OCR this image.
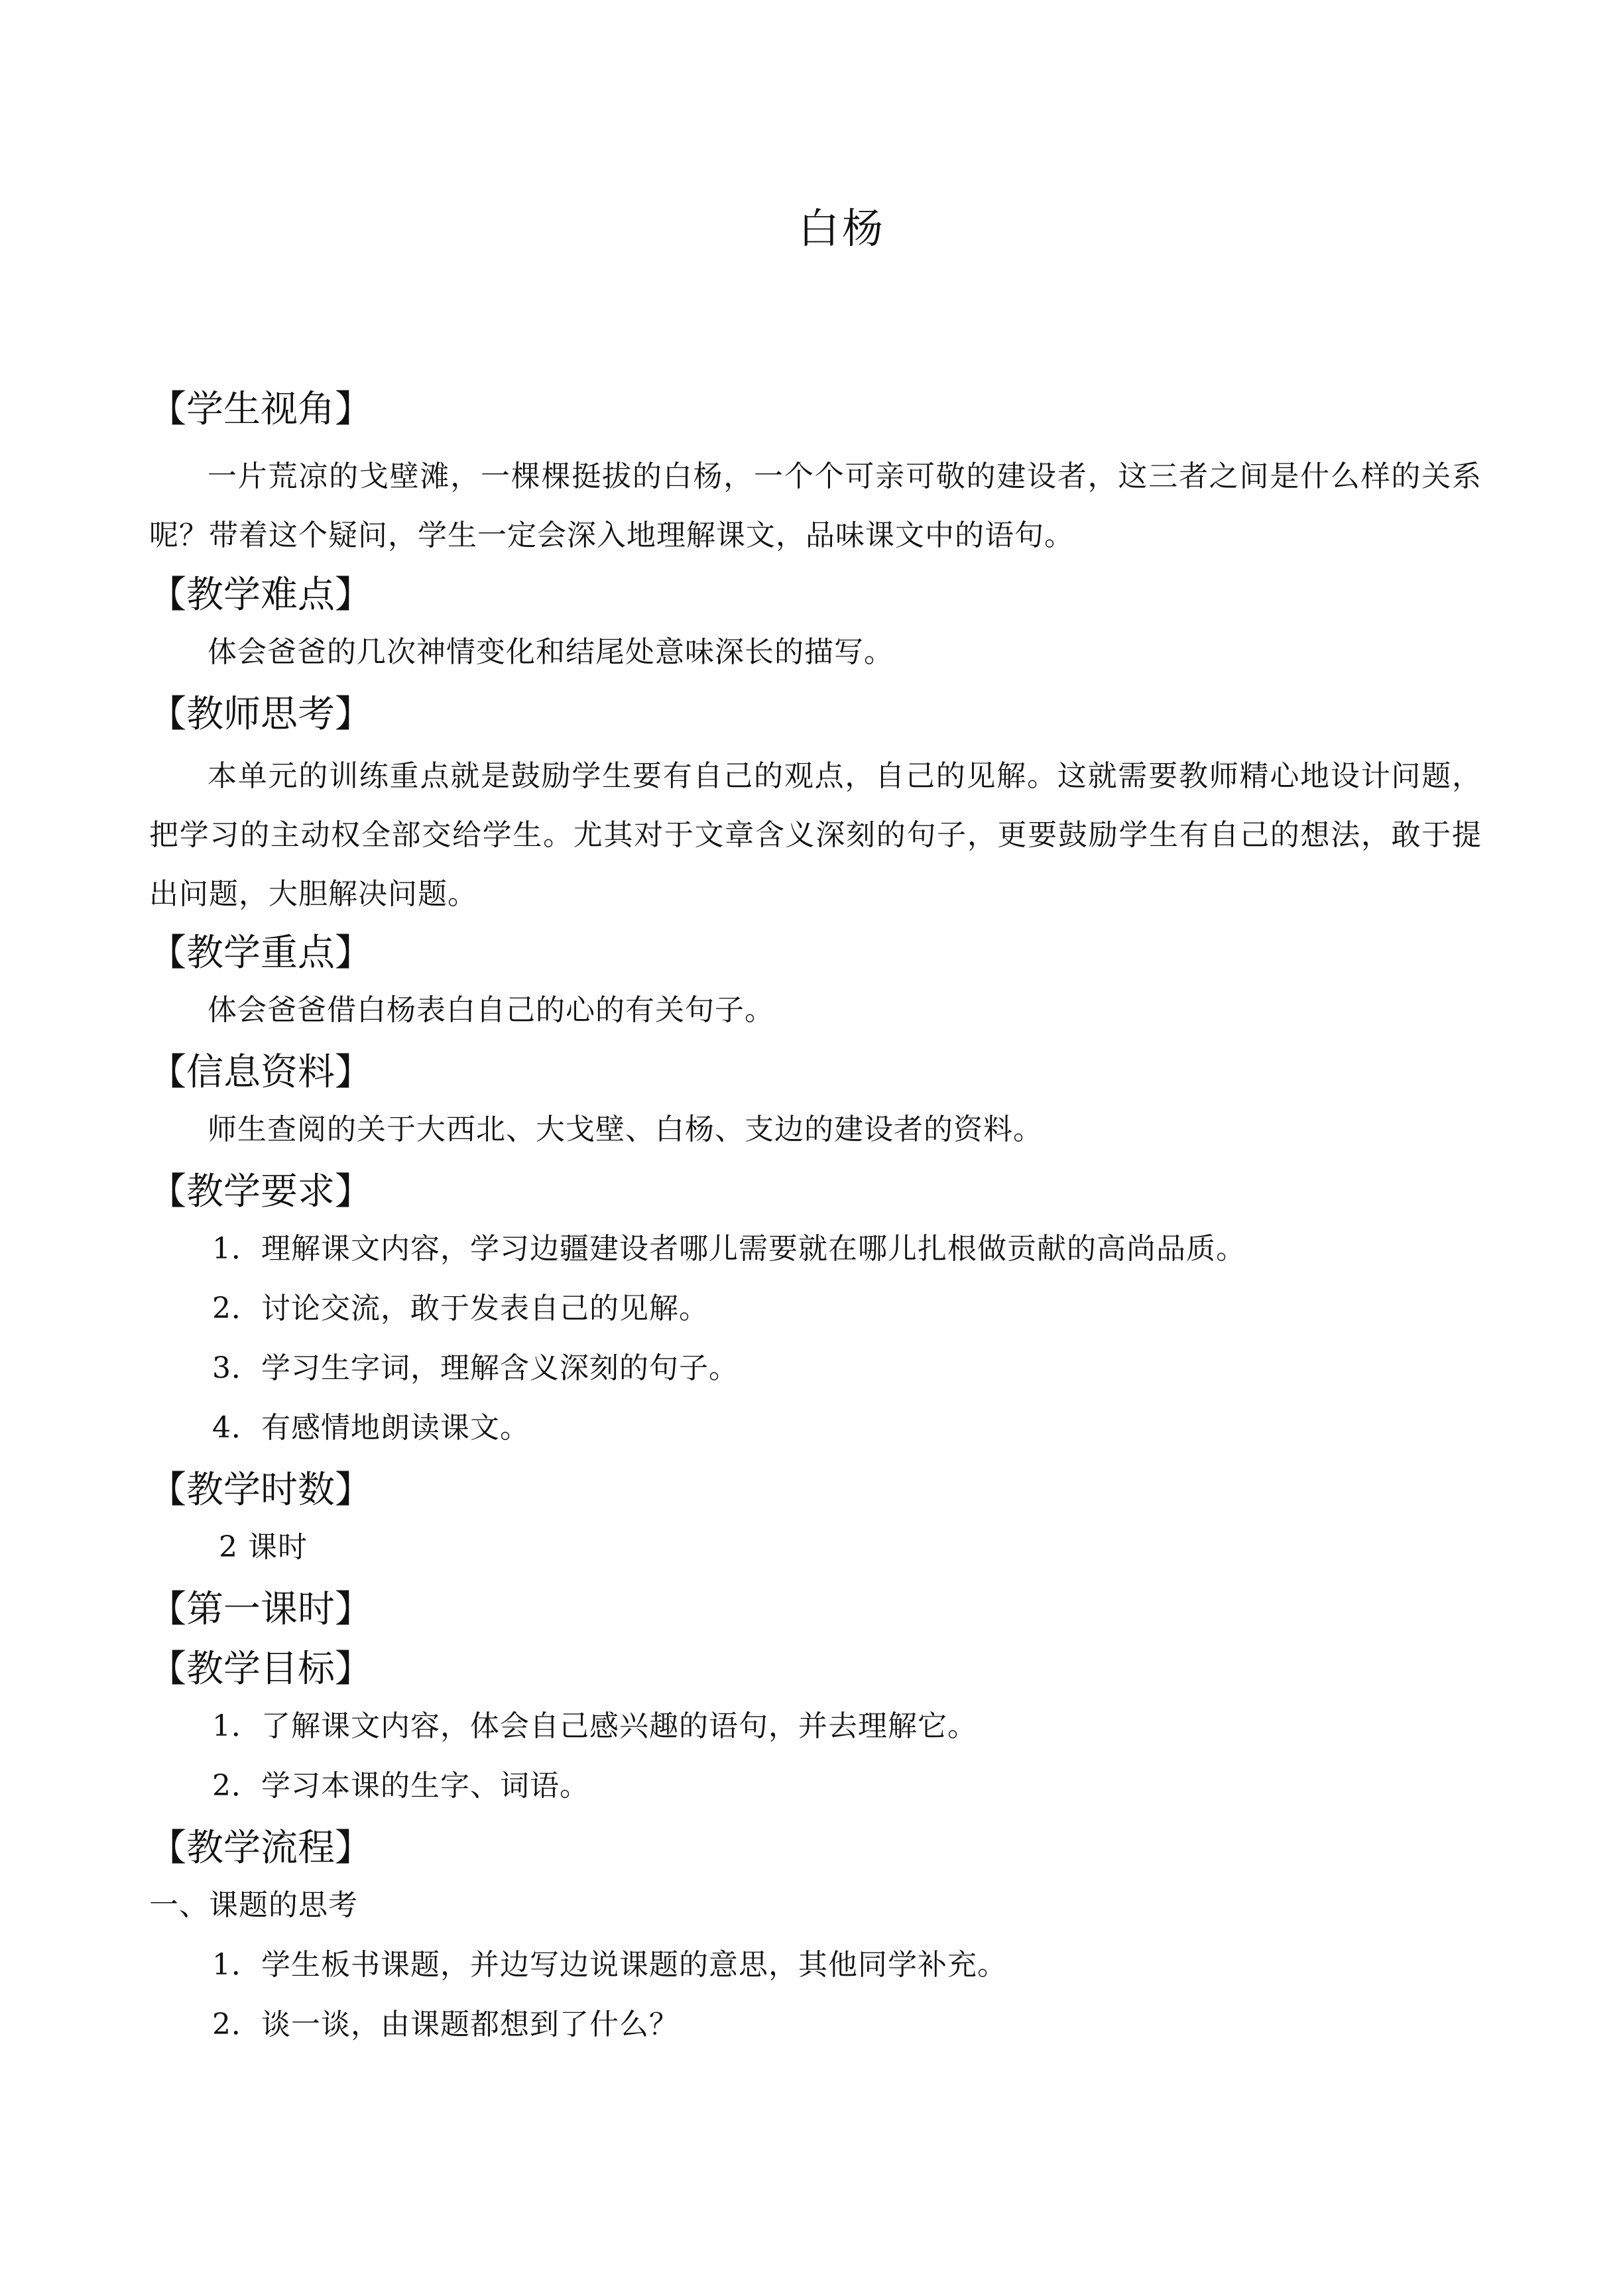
白杨
【学生视角】
一片荒凉的戈壁滩，一棵棵挺拔的白杨，一个个可亲可敬的建设者，这三者之间是什么样的关系呢？带着这个疑问，学生一定会深入地理解课文，品味课文中的语句。
【教学难点】
体会爸爸的几次神情变化和结尾处意味深长的描写。
【教师思考】
本单元的训练重点就是鼓励学生要有自己的观点，自己的见解。这就需要教师精心地设计问题，把学习的主动权全部交给学生。尤其对于文章含义深刻的句子，更要鼓励学生有自己的想法，敢于提出问题，大胆解决问题。
【教学重点】
体会爸爸借白杨表白自己的心的有关句子。
【信息资料】
师生查阅的关于大西北、大戈壁、白杨、支边的建设者的资料。
【教学要求】
1．理解课文内容，学习边疆建设者哪儿需要就在哪儿扎根做贡献的高尚品质。
2．讨论交流，敢于发表自己的见解。
3．学习生字词，理解含义深刻的句子。
4．有感情地朗读课文。
【教学时数】
2 课时
【第一课时】
【教学目标】
1．了解课文内容，体会自己感兴趣的语句，并去理解它。
2．学习本课的生字、词语。
【教学流程】
一、课题的思考
1．学生板书课题，并边写边说课题的意思，其他同学补充。
2．谈一谈，由课题都想到了什么？
